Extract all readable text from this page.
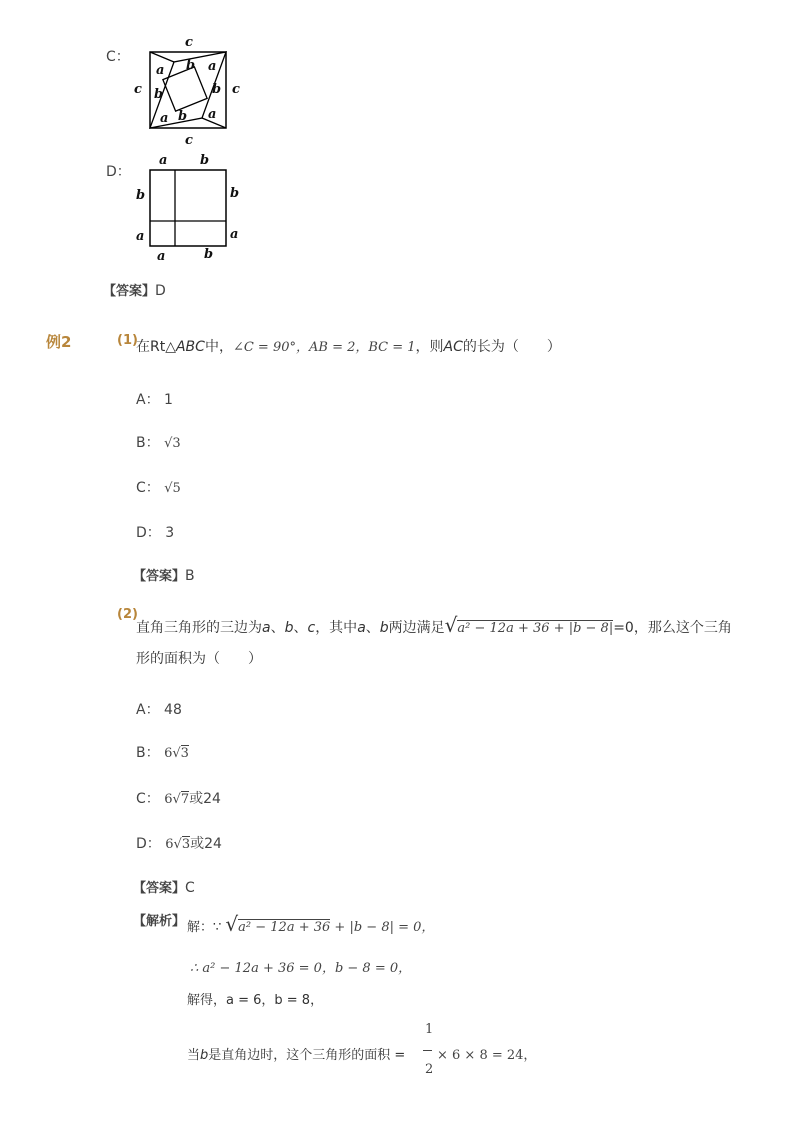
C：
c
c
c	c
a b a
b
b
a b a
D：
a	b
b	b
a	a
a	b
【答案】D
例2	(1)
在Rt△ABC中，∠C = 90°，AB = 2，BC = 1，则AC的长为（　　）
A： 1
B： √3
C： √5
D： 3
【答案】B
(2)
直角三角形的三边为a、b、c，其中a、b两边满足√a² − 12a + 36 + |b − 8|=0，那么这个三角
形的面积为（　　）
A： 48
B： 6√3
C： 6√7或24
D： 6√3或24
【答案】C
【解析】 解：∵ √a² − 12a + 36 + |b − 8| = 0，
∴ a² − 12a + 36 = 0，b − 8 = 0，
解得，a = 6，b = 8，
当b是直角边时，这个三角形的面积 =
1
2
× 6 × 8 = 24，
